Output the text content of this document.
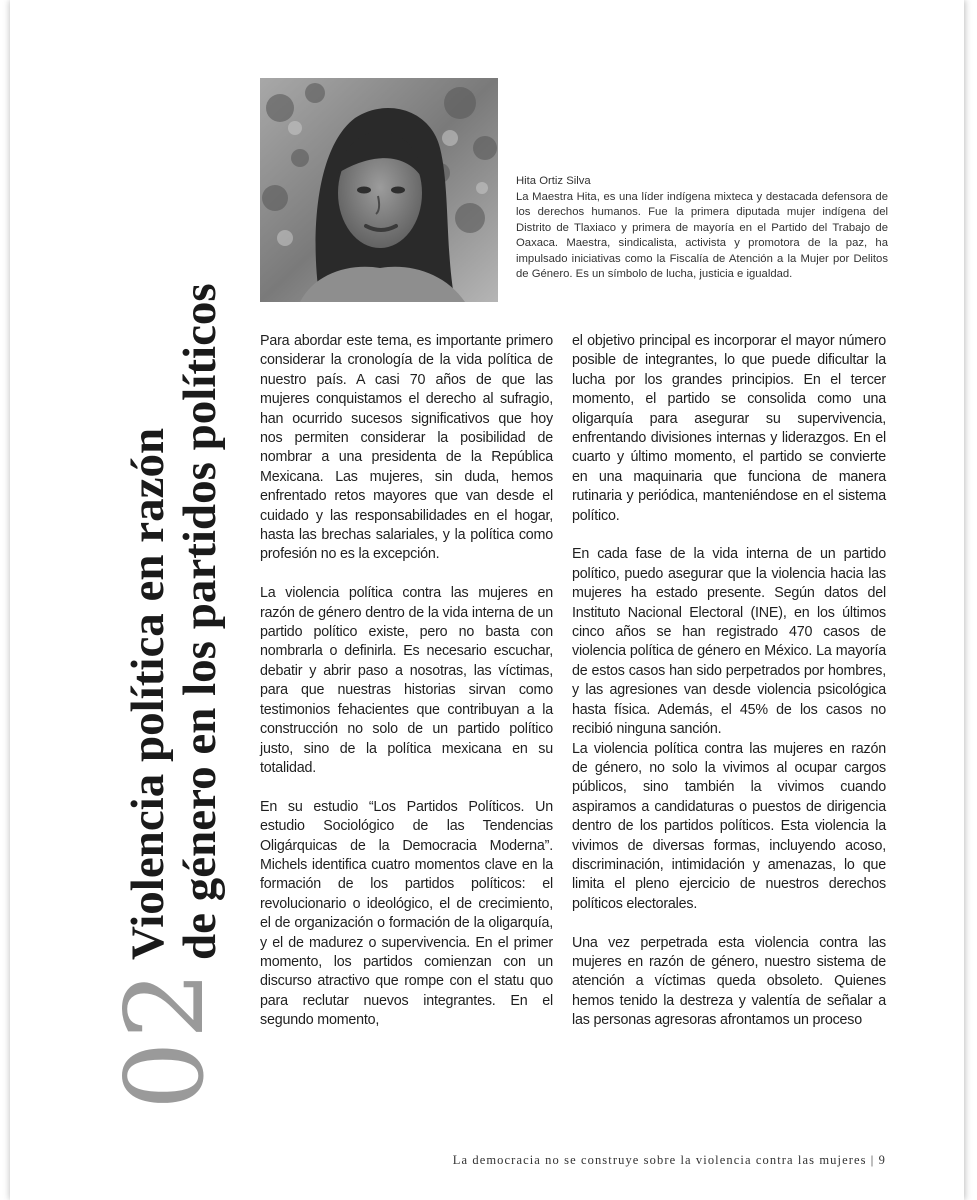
02
Violencia política en razón de género en los partidos políticos
Hita Ortiz Silva
La Maestra Hita, es una líder indígena mixteca y destacada defensora de los derechos humanos. Fue la primera diputada mujer indígena del Distrito de Tlaxiaco y primera de mayoría en el Partido del Trabajo de Oaxaca. Maestra, sindicalista, activista y promotora de la paz, ha impulsado iniciativas como la Fiscalía de Atención a la Mujer por Delitos de Género. Es un símbolo de lucha, justicia e igualdad.

Para abordar este tema, es importante primero considerar la cronología de la vida política de nuestro país. A casi 70 años de que las mujeres conquistamos el derecho al sufragio, han ocurrido sucesos significativos que hoy nos permiten considerar la posibilidad de nombrar a una presidenta de la República Mexicana. Las mujeres, sin duda, hemos enfrentado retos mayores que van desde el cuidado y las responsabilidades en el hogar, hasta las brechas salariales, y la política como profesión no es la excepción.

La violencia política contra las mujeres en razón de género dentro de la vida interna de un partido político existe, pero no basta con nombrarla o definirla. Es necesario escuchar, debatir y abrir paso a nosotras, las víctimas, para que nuestras historias sirvan como testimonios fehacientes que contribuyan a la construcción no solo de un partido político justo, sino de la política mexicana en su totalidad.

En su estudio “Los Partidos Políticos. Un estudio Sociológico de las Tendencias Oligárquicas de la Democracia Moderna”. Michels identifica cuatro momentos clave en la formación de los partidos políticos: el revolucionario o ideológico, el de crecimiento, el de organización o formación de la oligarquía, y el de madurez o supervivencia. En el primer momento, los partidos comienzan con un discurso atractivo que rompe con el statu quo para reclutar nuevos integrantes. En el segundo momento,

el objetivo principal es incorporar el mayor número posible de integrantes, lo que puede dificultar la lucha por los grandes principios. En el tercer momento, el partido se consolida como una oligarquía para asegurar su supervivencia, enfrentando divisiones internas y liderazgos. En el cuarto y último momento, el partido se convierte en una maquinaria que funciona de manera rutinaria y periódica, manteniéndose en el sistema político.

En cada fase de la vida interna de un partido político, puedo asegurar que la violencia hacia las mujeres ha estado presente. Según datos del Instituto Nacional Electoral (INE), en los últimos cinco años se han registrado 470 casos de violencia política de género en México. La mayoría de estos casos han sido perpetrados por hombres, y las agresiones van desde violencia psicológica hasta física. Además, el 45% de los casos no recibió ninguna sanción.

La violencia política contra las mujeres en razón de género, no solo la vivimos al ocupar cargos públicos, sino también la vivimos cuando aspiramos a candidaturas o puestos de dirigencia dentro de los partidos políticos. Esta violencia la vivimos de diversas formas, incluyendo acoso, discriminación, intimidación y amenazas, lo que limita el pleno ejercicio de nuestros derechos políticos electorales.

Una vez perpetrada esta violencia contra las mujeres en razón de género, nuestro sistema de atención a víctimas queda obsoleto. Quienes hemos tenido la destreza y valentía de señalar a las personas agresoras afrontamos un proceso

La democracia no se construye sobre la violencia contra las mujeres | 9
